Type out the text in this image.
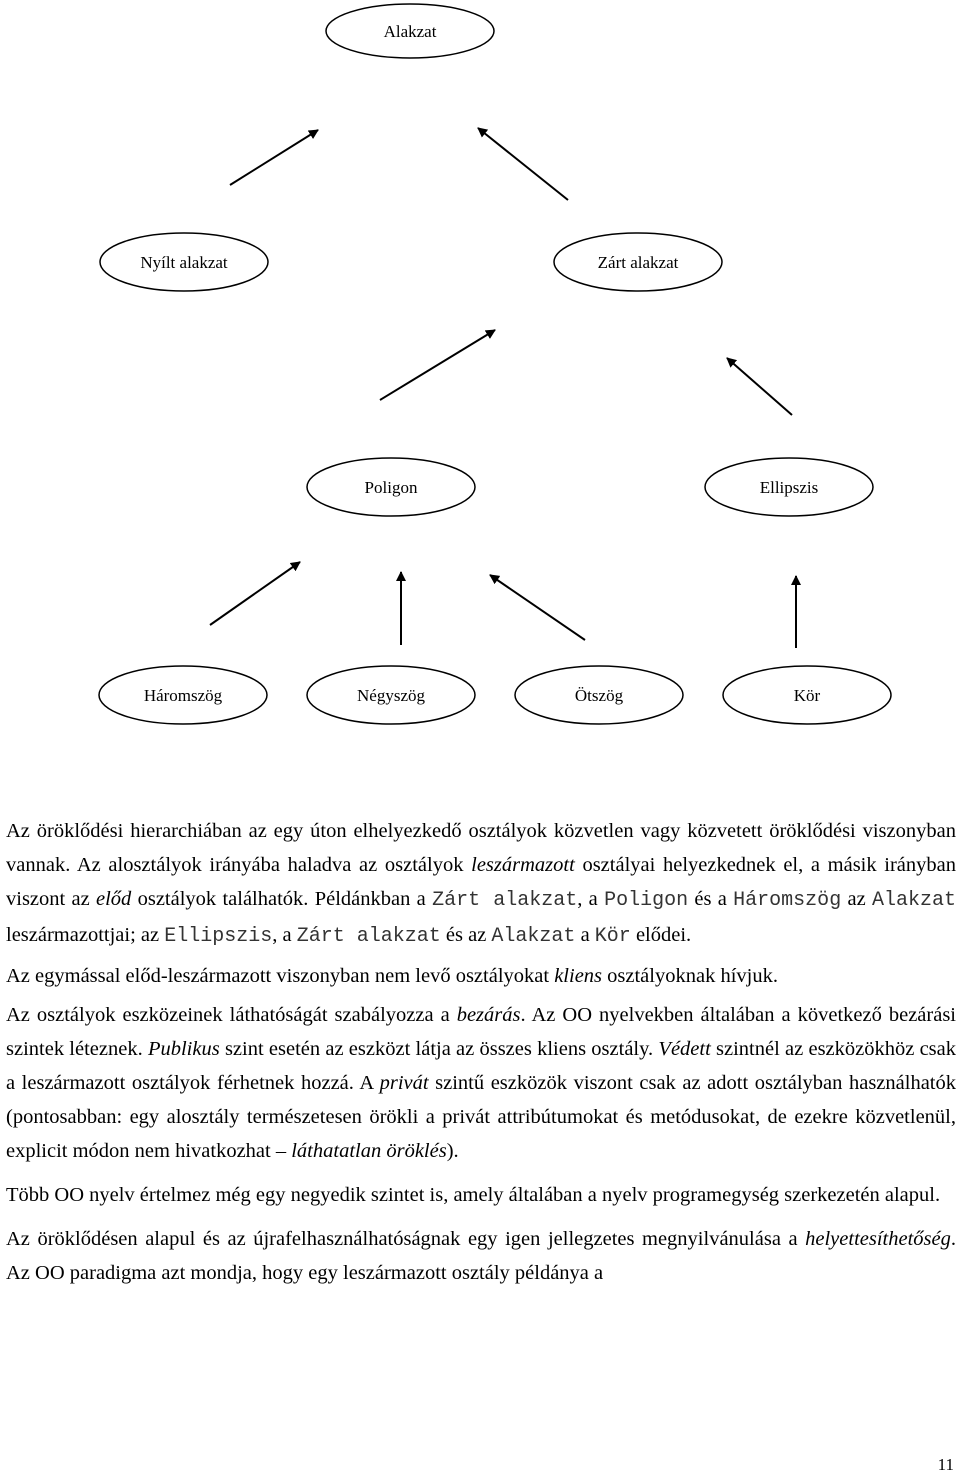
Alakzat
Nyílt alakzat	Zárt alakzat
Poligon	Ellipszis
Háromszög	Négyszög	Ötszög	Kör

Az öröklődési hierarchiában az egy úton elhelyezkedő osztályok közvetlen vagy közvetett öröklődési viszonyban vannak. Az alosztályok irányába haladva az osztályok leszármazott osztályai helyezkednek el, a másik irányban viszont az előd osztályok találhatók. Példánkban a Zárt alakzat, a Poligon és a Háromszög az Alakzat leszármazottjai; az Ellipszis, a Zárt alakzat és az Alakzat a Kör elődei.

Az egymással előd-leszármazott viszonyban nem levő osztályokat kliens osztályoknak hívjuk.

Az osztályok eszközeinek láthatóságát szabályozza a bezárás. Az OO nyelvekben általában a következő bezárási szintek léteznek. Publikus szint esetén az eszközt látja az összes kliens osztály. Védett szintnél az eszközökhöz csak a leszármazott osztályok férhetnek hozzá. A privát szintű eszközök viszont csak az adott osztályban használhatók (pontosabban: egy alosztály természetesen örökli a privát attribútumokat és metódusokat, de ezekre közvetlenül, explicit módon nem hivatkozhat – láthatatlan öröklés).

Több OO nyelv értelmez még egy negyedik szintet is, amely általában a nyelv programegység szerkezetén alapul.

Az öröklődésen alapul és az újrafelhasználhatóságnak egy igen jellegzetes megnyilvánulása a helyettesíthetőség. Az OO paradigma azt mondja, hogy egy leszármazott osztály példánya a

11
